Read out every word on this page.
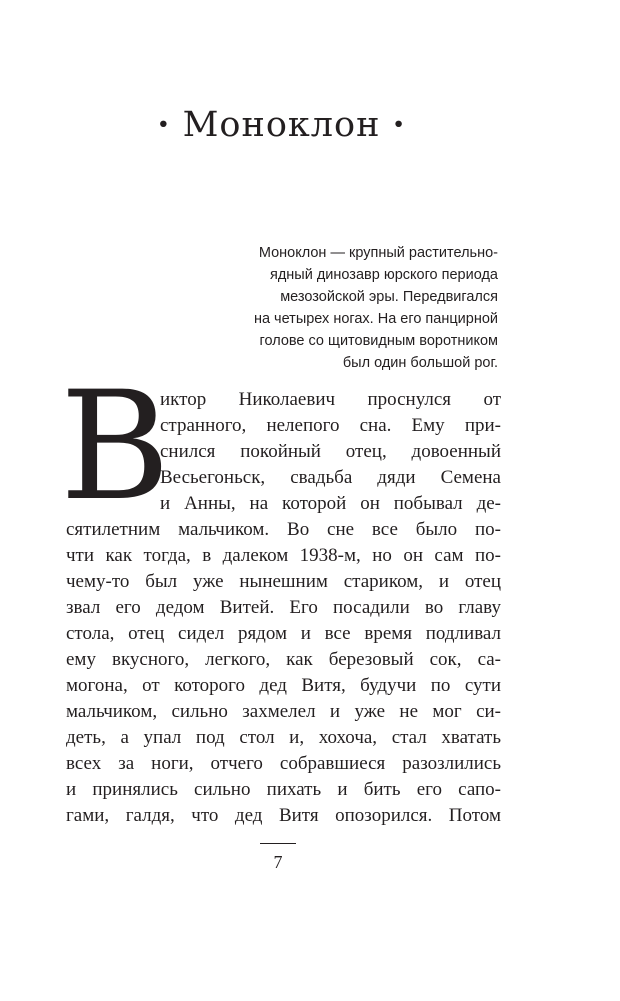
· Моноклон ·
Моноклон — крупный растительно-
ядный динозавр юрского периода
мезозойской эры. Передвигался
на четырех ногах. На его панцирной
голове со щитовидным воротником
был один большой рог.
В
иктор Николаевич проснулся от
странного, нелепого сна. Ему при-
снился покойный отец, довоенный
Весьегоньск, свадьба дяди Семена
и Анны, на которой он побывал де-
сятилетним мальчиком. Во сне все было по-
чти как тогда, в далеком 1938-м, но он сам по-
чему-то был уже нынешним стариком, и отец
звал его дедом Витей. Его посадили во главу
стола, отец сидел рядом и все время подливал
ему вкусного, легкого, как березовый сок, са-
могона, от которого дед Витя, будучи по сути
мальчиком, сильно захмелел и уже не мог си-
деть, а упал под стол и, хохоча, стал хватать
всех за ноги, отчего собравшиеся разозлились
и принялись сильно пихать и бить его сапо-
гами, галдя, что дед Витя опозорился. Потом
7
